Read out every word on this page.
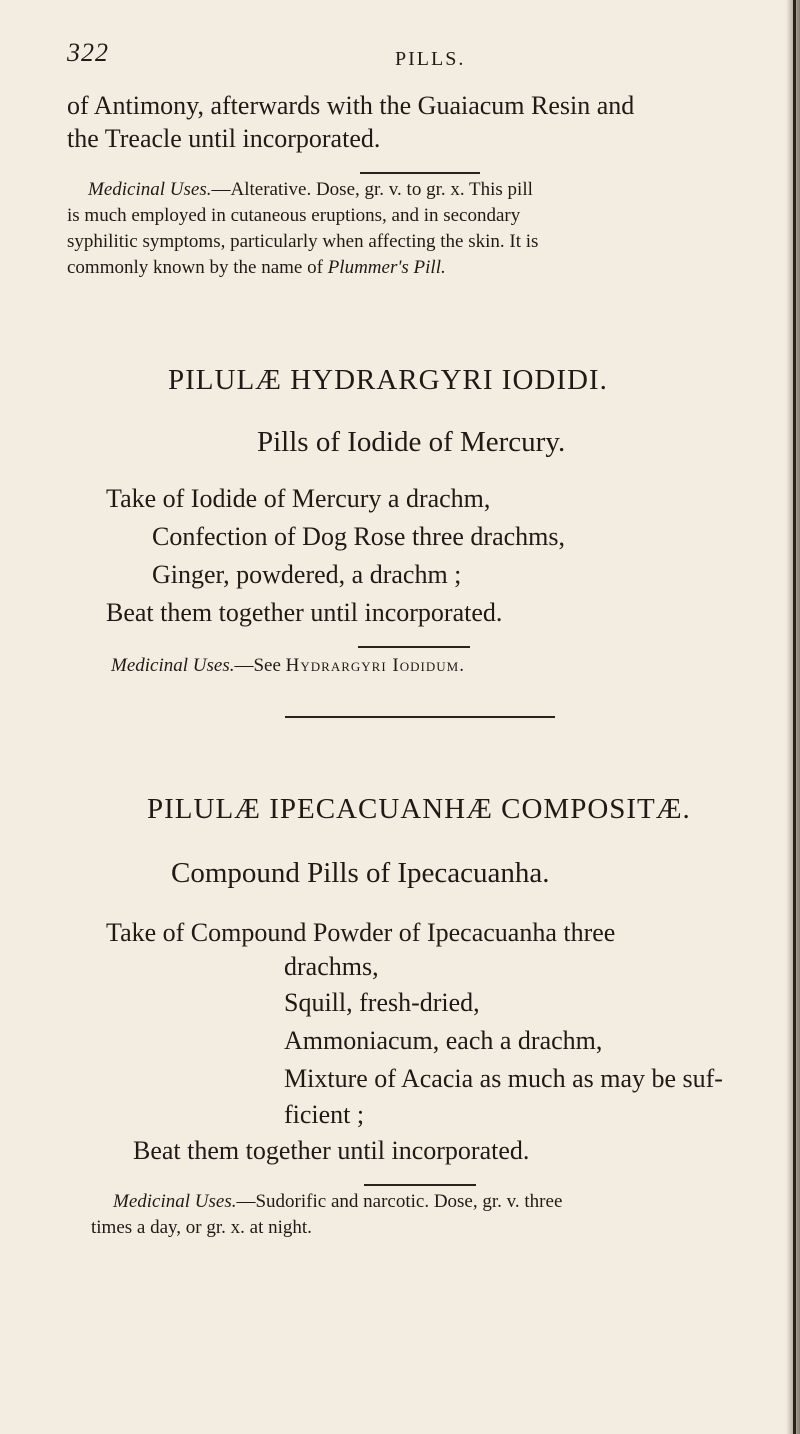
322	PILLS.
of Antimony, afterwards with the Guaiacum Resin and
the Treacle until incorporated.
Medicinal Uses.—Alterative. Dose, gr. v. to gr. x. This pill
is much employed in cutaneous eruptions, and in secondary
syphilitic symptoms, particularly when affecting the skin. It is
commonly known by the name of Plummer's Pill.
PILULÆ HYDRARGYRI IODIDI.
Pills of Iodide of Mercury.
Take of Iodide of Mercury a drachm,
Confection of Dog Rose three drachms,
Ginger, powdered, a drachm ;
Beat them together until incorporated.
Medicinal Uses.—See Hydrargyri Iodidum.
PILULÆ IPECACUANHÆ COMPOSITÆ.
Compound Pills of Ipecacuanha.
Take of Compound Powder of Ipecacuanha three
drachms,
Squill, fresh-dried,
Ammoniacum, each a drachm,
Mixture of Acacia as much as may be suf-
ficient ;
Beat them together until incorporated.
Medicinal Uses.—Sudorific and narcotic. Dose, gr. v. three
times a day, or gr. x. at night.
